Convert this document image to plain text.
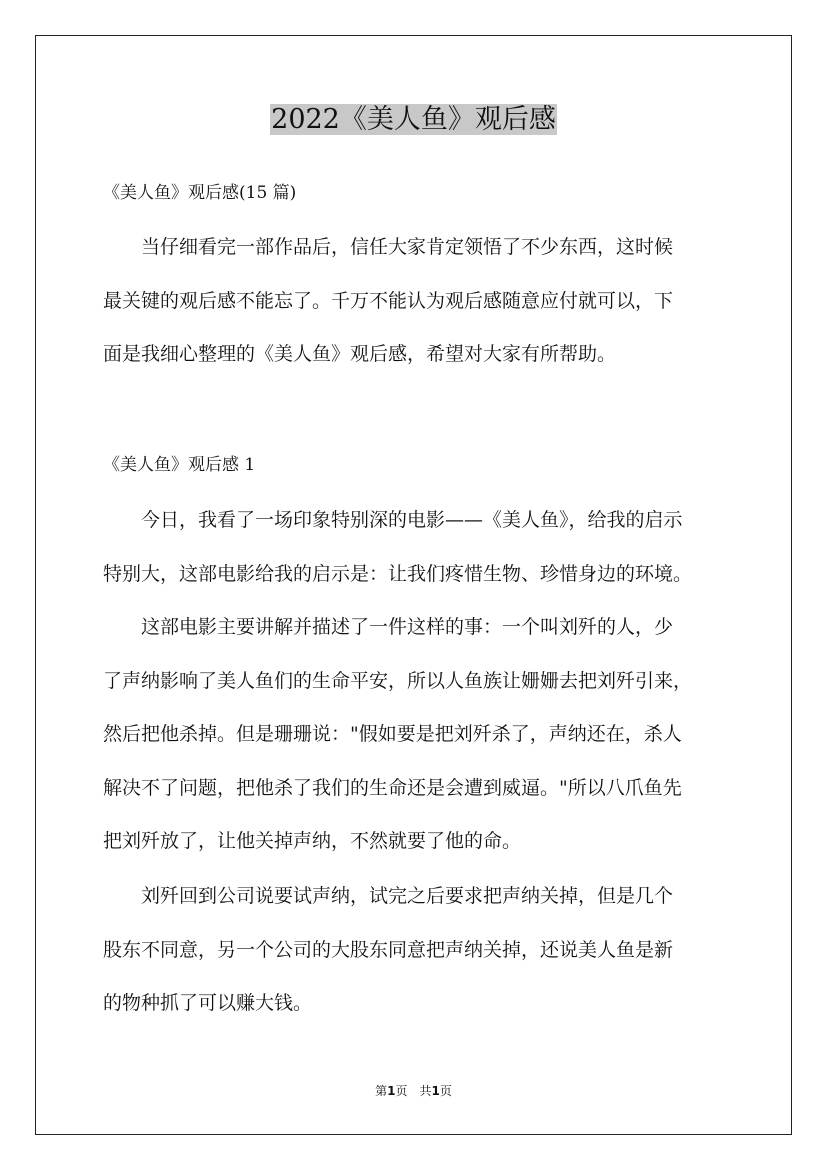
2022《美人鱼》观后感
《美人鱼》观后感(15 篇)
　　当仔细看完一部作品后，信任大家肯定领悟了不少东西，这时候
最关键的观后感不能忘了。千万不能认为观后感随意应付就可以，下
面是我细心整理的《美人鱼》观后感，希望对大家有所帮助。
《美人鱼》观后感 1
　　今日，我看了一场印象特别深的电影——《美人鱼》，给我的启示
特别大，这部电影给我的启示是：让我们疼惜生物、珍惜身边的环境。
　　这部电影主要讲解并描述了一件这样的事：一个叫刘歼的人，少
了声纳影响了美人鱼们的生命平安，所以人鱼族让姗姗去把刘歼引来，
然后把他杀掉。但是珊珊说："假如要是把刘歼杀了，声纳还在，杀人
解决不了问题，把他杀了我们的生命还是会遭到威逼。"所以八爪鱼先
把刘歼放了，让他关掉声纳，不然就要了他的命。
　　刘歼回到公司说要试声纳，试完之后要求把声纳关掉，但是几个
股东不同意，另一个公司的大股东同意把声纳关掉，还说美人鱼是新
的物种抓了可以赚大钱。
第1页　共1页
